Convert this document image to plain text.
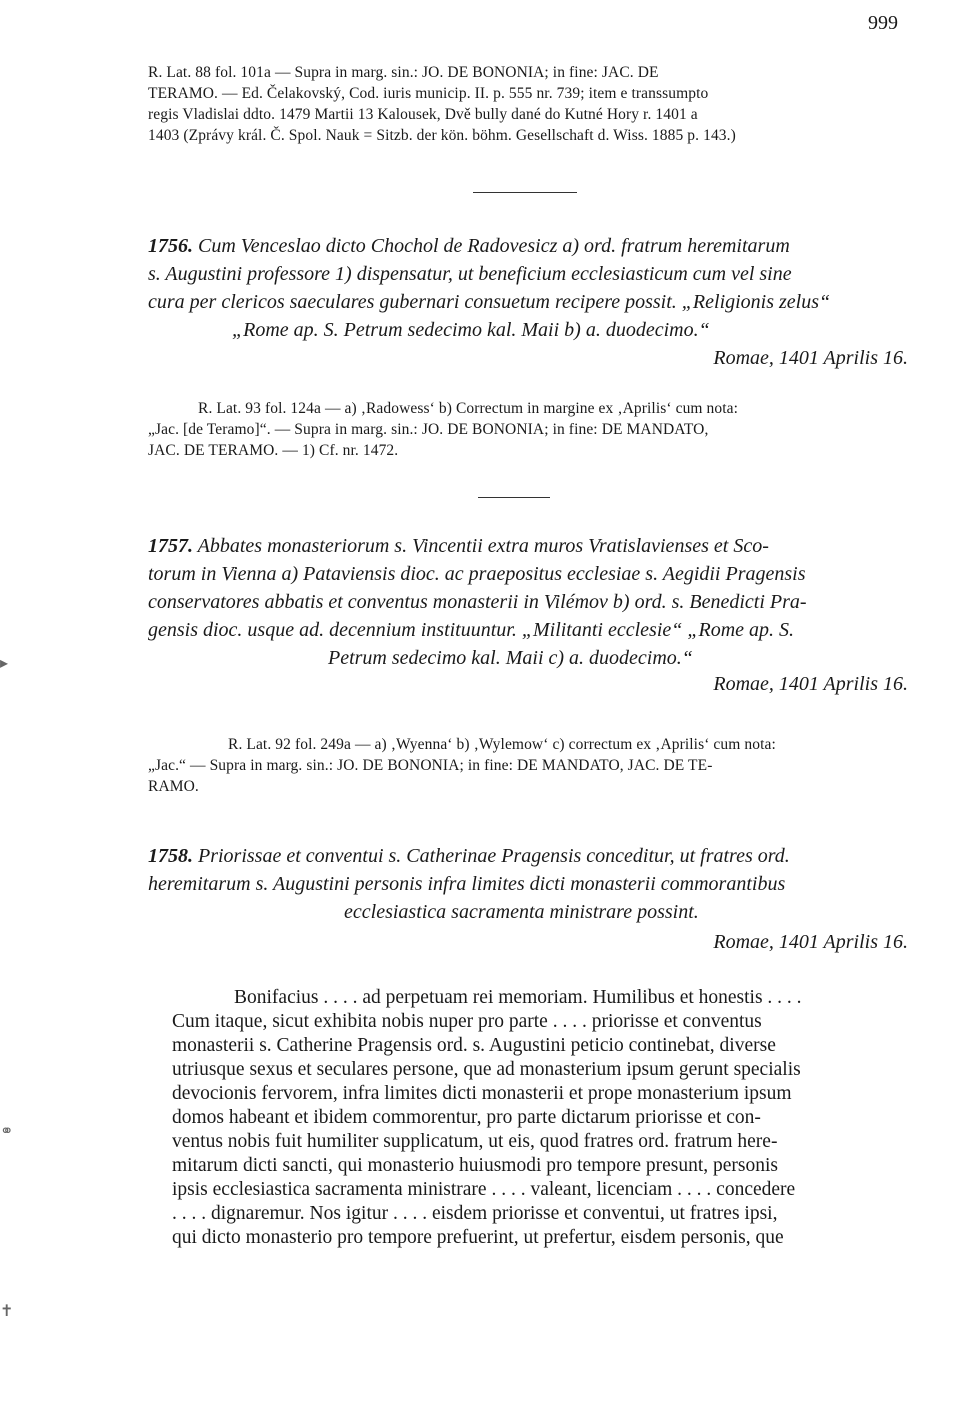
999
R. Lat. 88 fol. 101a — Supra in marg. sin.: JO. DE BONONIA; in fine: JAC. DE
TERAMO. — Ed. Čelakovský, Cod. iuris municip. II. p. 555 nr. 739; item e transsumpto
regis Vladislai ddto. 1479 Martii 13 Kalousek, Dvě bully dané do Kutné Hory r. 1401 a
1403 (Zprávy král. Č. Spol. Nauk = Sitzb. der kön. böhm. Gesellschaft d. Wiss. 1885 p. 143.)
1756. Cum Venceslao dicto Chochol de Radovesicz a) ord. fratrum heremitarum
s. Augustini professore 1) dispensatur, ut beneficium ecclesiasticum cum vel sine
cura per clericos saeculares gubernari consuetum recipere possit. „Religionis zelus“
„Rome ap. S. Petrum sedecimo kal. Maii b) a. duodecimo.“
Romae, 1401 Aprilis 16.
R. Lat. 93 fol. 124a — a) ‚Radowess‘ b) Correctum in margine ex ‚Aprilis‘ cum nota:
„Jac. [de Teramo]“. — Supra in marg. sin.: JO. DE BONONIA; in fine: DE MANDATO,
JAC. DE TERAMO. — 1) Cf. nr. 1472.
1757. Abbates monasteriorum s. Vincentii extra muros Vratislavienses et Sco-
torum in Vienna a) Pataviensis dioc. ac praepositus ecclesiae s. Aegidii Pragensis
conservatores abbatis et conventus monasterii in Vilémov b) ord. s. Benedicti Pra-
gensis dioc. usque ad. decennium instituuntur. „Militanti ecclesie“ „Rome ap. S.
Petrum sedecimo kal. Maii c) a. duodecimo.“
Romae, 1401 Aprilis 16.
R. Lat. 92 fol. 249a — a) ‚Wyenna‘ b) ‚Wylemow‘ c) correctum ex ‚Aprilis‘ cum nota:
„Jac.“ — Supra in marg. sin.: JO. DE BONONIA; in fine: DE MANDATO, JAC. DE TE-
RAMO.
1758. Priorissae et conventui s. Catherinae Pragensis conceditur, ut fratres ord.
heremitarum s. Augustini personis infra limites dicti monasterii commorantibus
ecclesiastica sacramenta ministrare possint.
Romae, 1401 Aprilis 16.
Bonifacius . . . . ad perpetuam rei memoriam. Humilibus et honestis . . . .
Cum itaque, sicut exhibita nobis nuper pro parte . . . . priorisse et conventus
monasterii s. Catherine Pragensis ord. s. Augustini peticio continebat, diverse
utriusque sexus et seculares persone, que ad monasterium ipsum gerunt specialis
devocionis fervorem, infra limites dicti monasterii et prope monasterium ipsum
domos habeant et ibidem commorentur, pro parte dictarum priorisse et con-
ventus nobis fuit humiliter supplicatum, ut eis, quod fratres ord. fratrum here-
mitarum dicti sancti, qui monasterio huiusmodi pro tempore presunt, personis
ipsis ecclesiastica sacramenta ministrare . . . . valeant, licenciam . . . . concedere
. . . . dignaremur. Nos igitur . . . . eisdem priorisse et conventui, ut fratres ipsi,
qui dicto monasterio pro tempore prefuerint, ut prefertur, eisdem personis, que
▸
⚭
✝
